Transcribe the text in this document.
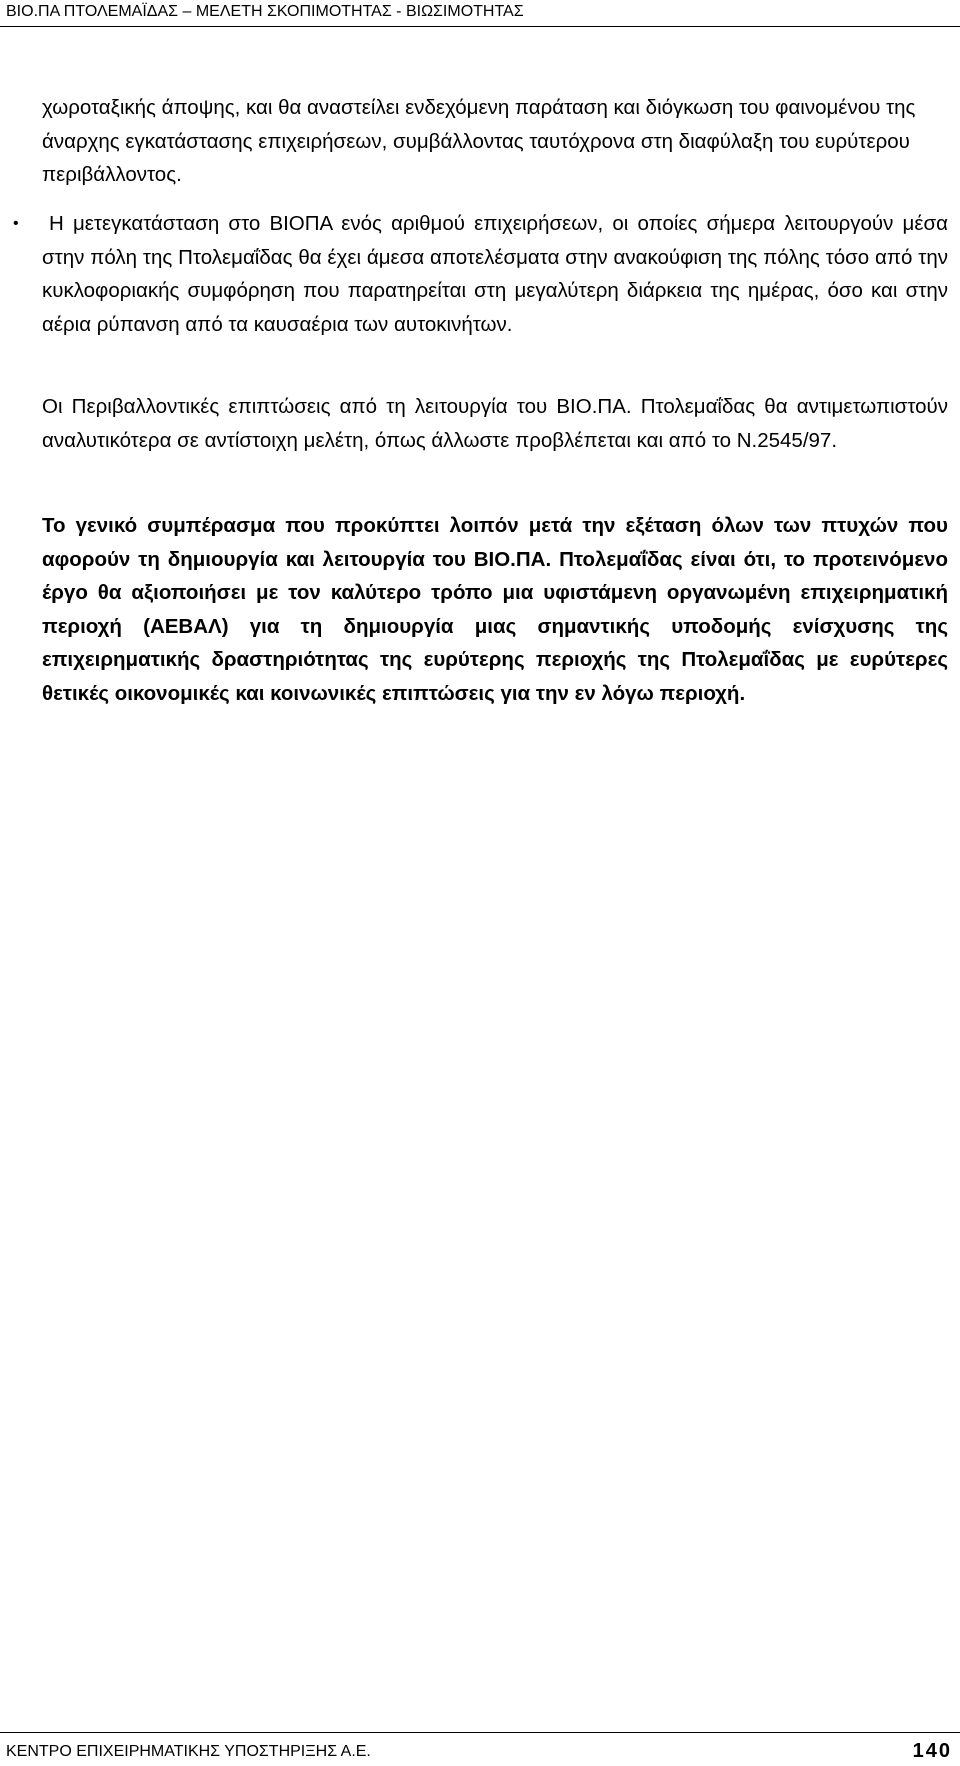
ΒΙΟ.ΠΑ ΠΤΟΛΕΜΑΪΔΑΣ – ΜΕΛΕΤΗ ΣΚΟΠΙΜΟΤΗΤΑΣ - ΒΙΩΣΙΜΟΤΗΤΑΣ

χωροταξικής άποψης, και θα αναστείλει ενδεχόμενη παράταση και διόγκωση του φαινομένου της άναρχης εγκατάστασης επιχειρήσεων, συμβάλλοντας ταυτόχρονα στη διαφύλαξη του ευρύτερου περιβάλλοντος.

• Η μετεγκατάσταση στο ΒΙΟΠΑ ενός αριθμού επιχειρήσεων, οι οποίες σήμερα λειτουργούν μέσα στην πόλη της Πτολεμαΐδας θα έχει άμεσα αποτελέσματα στην ανακούφιση της πόλης τόσο από την κυκλοφοριακής συμφόρηση που παρατηρείται στη μεγαλύτερη διάρκεια της ημέρας, όσο και στην αέρια ρύπανση από τα καυσαέρια των αυτοκινήτων.

Οι Περιβαλλοντικές επιπτώσεις από τη λειτουργία του ΒΙΟ.ΠΑ. Πτολεμαΐδας θα αντιμετωπιστούν αναλυτικότερα σε αντίστοιχη μελέτη, όπως άλλωστε προβλέπεται και από το Ν.2545/97.

Το γενικό συμπέρασμα που προκύπτει λοιπόν μετά την εξέταση όλων των πτυχών που αφορούν τη δημιουργία και λειτουργία του ΒΙΟ.ΠΑ. Πτολεμαΐδας είναι ότι, το προτεινόμενο έργο θα αξιοποιήσει με τον καλύτερο τρόπο μια υφιστάμενη οργανωμένη επιχειρηματική περιοχή (ΑΕΒΑΛ) για τη δημιουργία μιας σημαντικής υποδομής ενίσχυσης της επιχειρηματικής δραστηριότητας της ευρύτερης περιοχής της Πτολεμαΐδας με ευρύτερες θετικές οικονομικές και κοινωνικές επιπτώσεις για την εν λόγω περιοχή.

ΚΕΝΤΡΟ ΕΠΙΧΕΙΡΗΜΑΤΙΚΗΣ ΥΠΟΣΤΗΡΙΞΗΣ Α.Ε.	140
